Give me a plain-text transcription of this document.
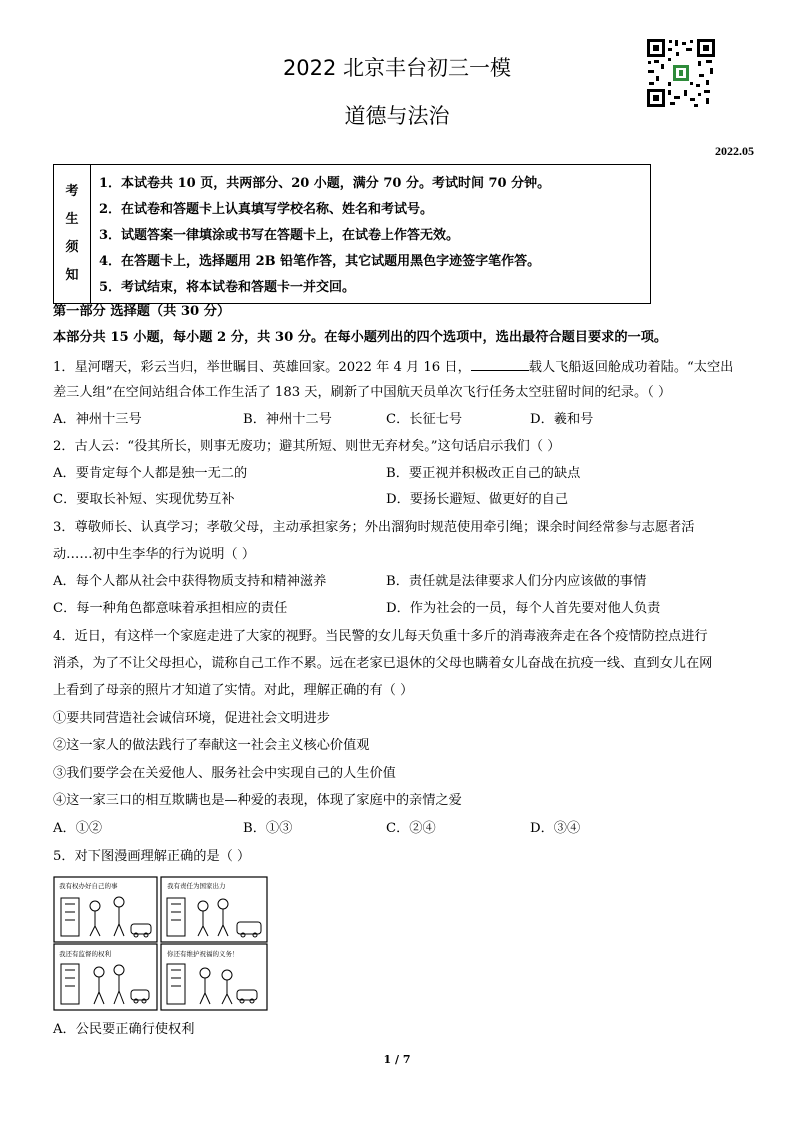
2022 北京丰台初三一模
道德与法治
2022.05
考
生
须
知

1．本试卷共 10 页，共两部分、20 小题，满分 70 分。考试时间 70 分钟。
2．在试卷和答题卡上认真填写学校名称、姓名和考试号。
3．试题答案一律填涂或书写在答题卡上，在试卷上作答无效。
4．在答题卡上，选择题用 2B 铅笔作答，其它试题用黑色字迹签字笔作答。
5．考试结束，将本试卷和答题卡一并交回。
第一部分 选择题（共 30 分）
本部分共 15 小题，每小题 2 分，共 30 分。在每小题列出的四个选项中，选出最符合题目要求的一项。
1．星河曙天，彩云当归，举世瞩目、英雄回家。2022 年 4 月 16 日，	载人飞船返回舱成功着陆。“太空出
差三人组”在空间站组合体工作生活了 183 天，刷新了中国航天员单次飞行任务太空驻留时间的纪录。（ ）
A．神州十三号	B．神州十二号	C．长征七号	D．羲和号
2．古人云：“役其所长，则事无废功；避其所短、则世无弃材矣。”这句话启示我们（ ）
A．要肯定每个人都是独一无二的	B．要正视并积极改正自己的缺点
C．要取长补短、实现优势互补	D．要扬长避短、做更好的自己
3．尊敬师长、认真学习；孝敬父母，主动承担家务；外出溜狗时规范使用牵引绳；课余时间经常参与志愿者活
动……初中生李华的行为说明（ ）
A．每个人都从社会中获得物质支持和精神滋养	B．责任就是法律要求人们分内应该做的事情
C．每一种角色都意味着承担相应的责任	D．作为社会的一员，每个人首先要对他人负责
4．近日，有这样一个家庭走进了大家的视野。当民警的女儿每天负重十多斤的消毒液奔走在各个疫情防控点进行
消杀，为了不让父母担心，谎称自己工作不累。远在老家已退休的父母也瞒着女儿奋战在抗疫一线、直到女儿在网
上看到了母亲的照片才知道了实情。对此，理解正确的有（ ）
①要共同营造社会诚信环境，促进社会文明进步
②这一家人的做法践行了奉献这一社会主义核心价值观
③我们要学会在关爱他人、服务社会中实现自己的人生价值
④这一家三口的相互欺瞒也是—种爱的表现，体现了家庭中的亲情之爱
A．①②	B．①③	C．②④	D．③④
5．对下图漫画理解正确的是（ ）
我有权办好自己的事	我有责任为国家出力
我还有监督的权利	你还有维护祝福的义务！
A．公民要正确行使权利
1 / 7
